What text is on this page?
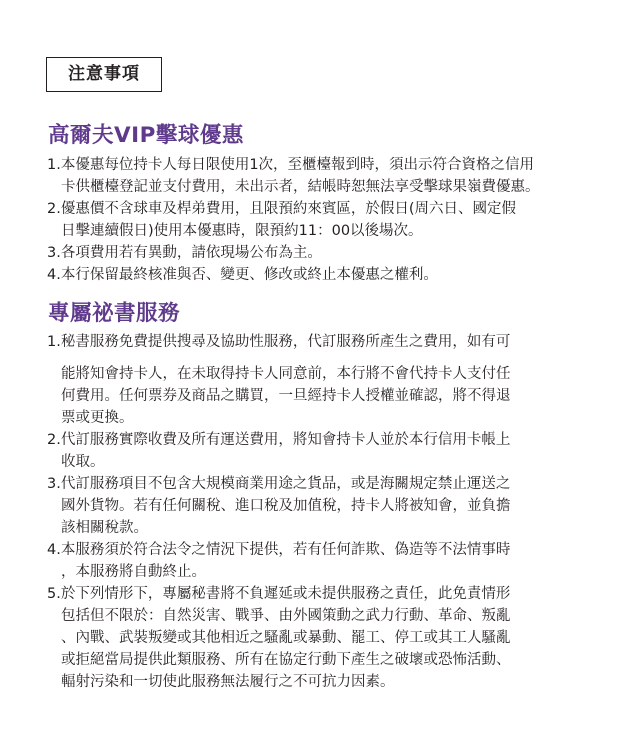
注意事項
高爾夫VIP擊球優惠
1.本優惠每位持卡人每日限使用1次，至櫃檯報到時，須出示符合資格之信用
卡供櫃檯登記並支付費用，未出示者，結帳時恕無法享受擊球果嶺費優惠。
2.優惠價不含球車及桿弟費用，且限預約來賓區，於假日(周六日、國定假
日擊連續假日)使用本優惠時，限預約11：00以後場次。
3.各項費用若有異動，請依現場公布為主。
4.本行保留最終核准與否、變更、修改或終止本優惠之權利。
專屬祕書服務
1.秘書服務免費提供搜尋及協助性服務，代訂服務所產生之費用，如有可
能將知會持卡人，在未取得持卡人同意前，本行將不會代持卡人支付任
何費用。任何票券及商品之購買，一旦經持卡人授權並確認，將不得退
票或更換。
2.代訂服務實際收費及所有運送費用，將知會持卡人並於本行信用卡帳上
收取。
3.代訂服務項目不包含大規模商業用途之貨品，或是海關規定禁止運送之
國外貨物。若有任何關稅、進口稅及加值稅，持卡人將被知會，並負擔
該相關稅款。
4.本服務須於符合法令之情況下提供，若有任何詐欺、偽造等不法情事時
，本服務將自動終止。
5.於下列情形下，專屬秘書將不負遲延或未提供服務之責任，此免責情形
包括但不限於：自然災害、戰爭、由外國策動之武力行動、革命、叛亂
、內戰、武裝叛變或其他相近之騷亂或暴動、罷工、停工或其工人騷亂
或拒絕當局提供此類服務、所有在協定行動下產生之破壞或恐怖活動、
輻射污染和一切使此服務無法履行之不可抗力因素。
